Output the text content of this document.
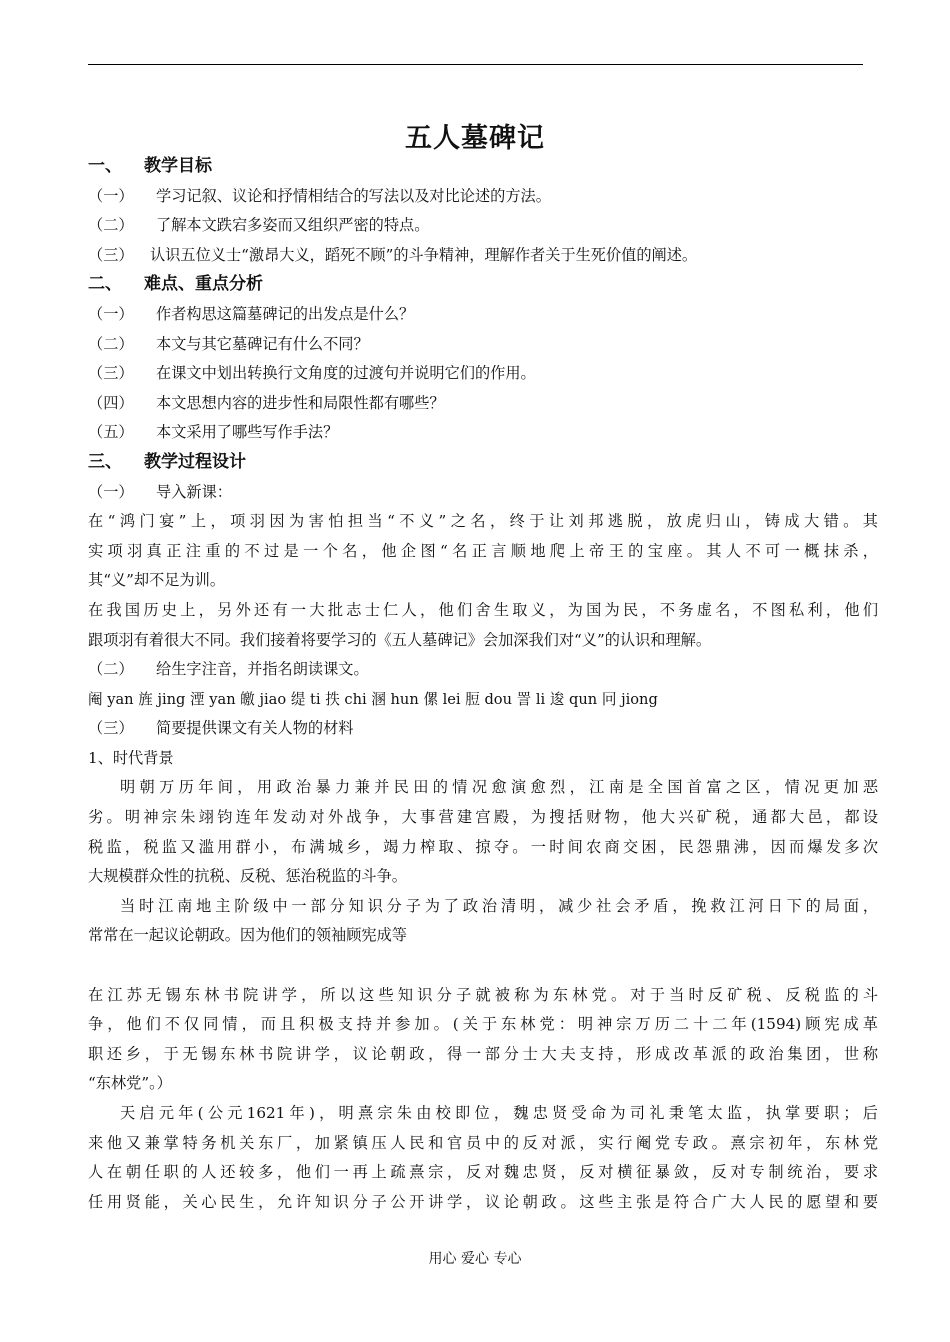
五人墓碑记
一、 教学目标
（一） 学习记叙、议论和抒情相结合的写法以及对比论述的方法。
（二） 了解本文跌宕多姿而又组织严密的特点。
（三） 认识五位义士“激昂大义，蹈死不顾”的斗争精神，理解作者关于生死价值的阐述。
二、 难点、重点分析
（一） 作者构思这篇墓碑记的出发点是什么？
（二） 本文与其它墓碑记有什么不同？
（三） 在课文中划出转换行文角度的过渡句并说明它们的作用。
（四） 本文思想内容的进步性和局限性都有哪些？
（五） 本文采用了哪些写作手法？
三、 教学过程设计
（一） 导入新课：
在“鸿门宴”上，项羽因为害怕担当“不义”之名，终于让刘邦逃脱，放虎归山，铸成大错。其
实项羽真正注重的不过是一个名，他企图“名正言顺地爬上帝王的宝座。其人不可一概抹杀，
其“义”却不足为训。
在我国历史上，另外还有一大批志士仁人，他们舍生取义，为国为民，不务虚名，不图私利，他们
跟项羽有着很大不同。我们接着将要学习的《五人墓碑记》会加深我们对“义”的认识和理解。
（二） 给生字注音，并指名朗读课文。
阉 yan 旌 jing 湮 yan 皦 jiao 缇 ti 抶 chi 溷 hun 傫 lei 脰 dou 詈 li 逡 qun 冋 jiong
（三） 简要提供课文有关人物的材料
1、时代背景
明朝万历年间，用政治暴力兼并民田的情况愈演愈烈，江南是全国首富之区，情况更加恶
劣。明神宗朱翊钧连年发动对外战争，大事营建宫殿，为搜括财物，他大兴矿税，通都大邑，都设
税监，税监又滥用群小，布满城乡，竭力榨取、掠夺。一时间农商交困，民怨鼎沸，因而爆发多次
大规模群众性的抗税、反税、惩治税监的斗争。
当时江南地主阶级中一部分知识分子为了政治清明，减少社会矛盾，挽救江河日下的局面，
常常在一起议论朝政。因为他们的领袖顾宪成等
在江苏无锡东林书院讲学，所以这些知识分子就被称为东林党。对于当时反矿税、反税监的斗
争，他们不仅同情，而且积极支持并参加。(关于东林党：明神宗万历二十二年(1594)顾宪成革
职还乡，于无锡东林书院讲学，议论朝政，得一部分士大夫支持，形成改革派的政治集团，世称
“东林党”。）
天启元年(公元1621年)，明熹宗朱由校即位，魏忠贤受命为司礼秉笔太监，执掌要职；后
来他又兼掌特务机关东厂，加紧镇压人民和官员中的反对派，实行阉党专政。熹宗初年，东林党
人在朝任职的人还较多，他们一再上疏熹宗，反对魏忠贤，反对横征暴敛，反对专制统治，要求
任用贤能，关心民生，允许知识分子公开讲学，议论朝政。这些主张是符合广大人民的愿望和要
用心 爱心 专心
